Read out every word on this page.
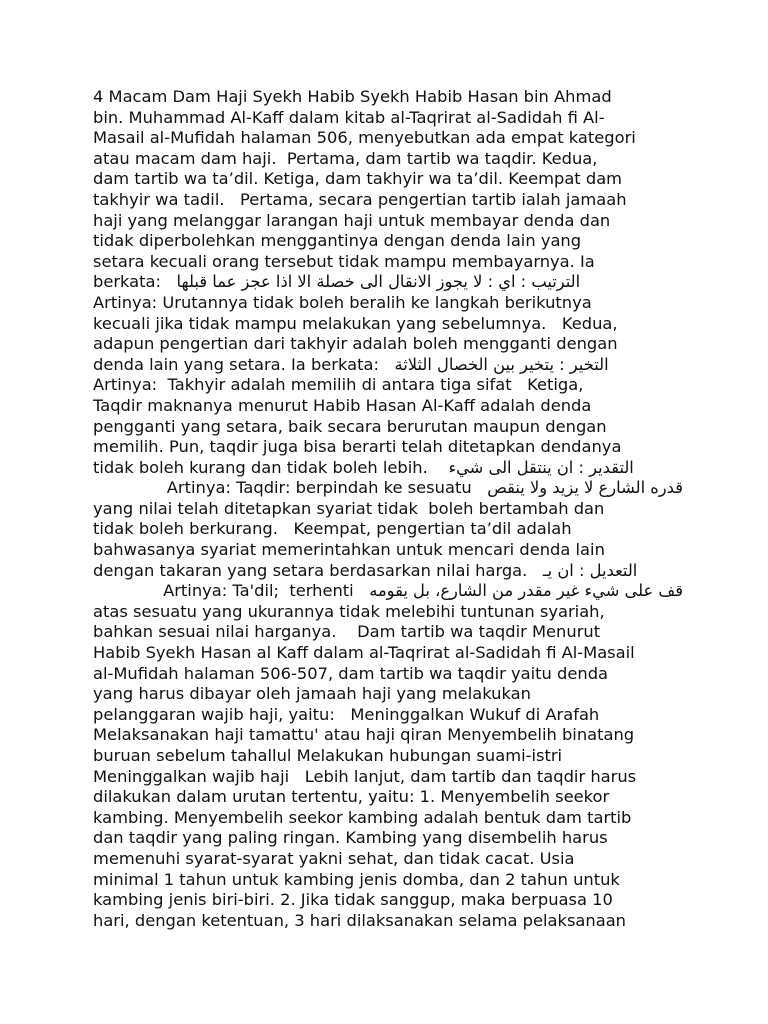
4 Macam Dam Haji Syekh Habib Syekh Habib Hasan bin Ahmad
bin. Muhammad Al-Kaff dalam kitab al-Taqrirat al-Sadidah fi Al-
Masail al-Mufidah halaman 506, menyebutkan ada empat kategori
atau macam dam haji.  Pertama, dam tartib wa taqdir. Kedua,
dam tartib wa ta’dil. Ketiga, dam takhyir wa ta’dil. Keempat dam
takhyir wa tadil.   Pertama, secara pengertian tartib ialah jamaah
haji yang melanggar larangan haji untuk membayar denda dan
tidak diperbolehkan menggantinya dengan denda lain yang
setara kecuali orang tersebut tidak mampu membayarnya. Ia
berkata:   الترتيب : اي : لا يجوز الانقال الى خصلة الا اذا عجز عما قبلها
Artinya: Urutannya tidak boleh beralih ke langkah berikutnya
kecuali jika tidak mampu melakukan yang sebelumnya.   Kedua,
adapun pengertian dari takhyir adalah boleh mengganti dengan
denda lain yang setara. Ia berkata:   التخير : يتخير بين الخصال الثلاثة
Artinya:  Takhyir adalah memilih di antara tiga sifat   Ketiga,
Taqdir maknanya menurut Habib Hasan Al-Kaff adalah denda
pengganti yang setara, baik secara berurutan maupun dengan
memilih. Pun, taqdir juga bisa berarti telah ditetapkan dendanya
tidak boleh kurang dan tidak boleh lebih.    التقدير : ان ينتقل الى شيء
قدره الشارع لا يزيد ولا ينقص   Artinya: Taqdir: berpindah ke sesuatu
yang nilai telah ditetapkan syariat tidak  boleh bertambah dan
tidak boleh berkurang.   Keempat, pengertian ta’dil adalah
bahwasanya syariat memerintahkan untuk mencari denda lain
dengan takaran yang setara berdasarkan nilai harga.   التعديل : ان يـ
قف على شيء غير مقدر من الشارع، بل يقومه   Artinya: Ta'dil;  terhenti
atas sesuatu yang ukurannya tidak melebihi tuntunan syariah,
bahkan sesuai nilai harganya.    Dam tartib wa taqdir Menurut
Habib Syekh Hasan al Kaff dalam al-Taqrirat al-Sadidah fi Al-Masail
al-Mufidah halaman 506-507, dam tartib wa taqdir yaitu denda
yang harus dibayar oleh jamaah haji yang melakukan
pelanggaran wajib haji, yaitu:   Meninggalkan Wukuf di Arafah
Melaksanakan haji tamattu' atau haji qiran Menyembelih binatang
buruan sebelum tahallul Melakukan hubungan suami-istri
Meninggalkan wajib haji   Lebih lanjut, dam tartib dan taqdir harus
dilakukan dalam urutan tertentu, yaitu: 1. Menyembelih seekor
kambing. Menyembelih seekor kambing adalah bentuk dam tartib
dan taqdir yang paling ringan. Kambing yang disembelih harus
memenuhi syarat-syarat yakni sehat, dan tidak cacat. Usia
minimal 1 tahun untuk kambing jenis domba, dan 2 tahun untuk
kambing jenis biri-biri. 2. Jika tidak sanggup, maka berpuasa 10
hari, dengan ketentuan, 3 hari dilaksanakan selama pelaksanaan
